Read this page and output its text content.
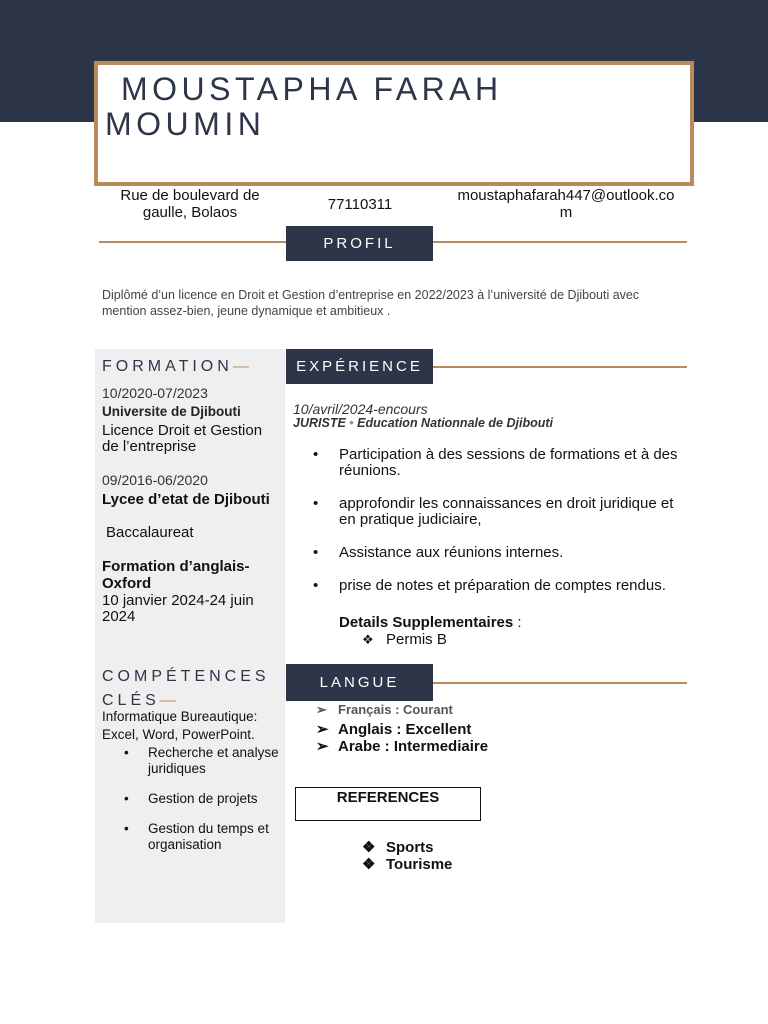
MOUSTAPHA FARAH
MOUMIN
Rue de boulevard de gaulle, Bolaos	77110311
moustaphafarah447@outlook.co
m
PROFIL
Diplômé d’un licence en Droit et Gestion d’entreprise en 2022/2023 à l’université de Djibouti avec mention assez-bien, jeune dynamique et ambitieux .
FORMATION—
10/2020-07/2023
Universite de Djibouti
Licence Droit et Gestion de l’entreprise
09/2016-06/2020
Lycee d’etat de Djibouti
Baccalaureat
Formation d’anglais-Oxford
10 janvier 2024-24 juin 2024
COMPÉTENCES
CLÉS—
Informatique Bureautique: Excel, Word, PowerPoint.
• Recherche et analyse juridiques
• Gestion de projets
• Gestion du temps et organisation
EXPÉRIENCE
10/avril/2024-encours
JURISTE • Education Nationnale de Djibouti
• Participation à des sessions de formations et à des réunions.
• approfondir les connaissances en droit juridique et en pratique judiciaire,
• Assistance aux réunions internes.
• prise de notes et préparation de comptes rendus.
Details Supplementaires :
❖ Permis B
LANGUE
➢ Français : Courant
➢ Anglais : Excellent
➢ Arabe : Intermediaire
REFERENCES
❖ Sports
❖ Tourisme
